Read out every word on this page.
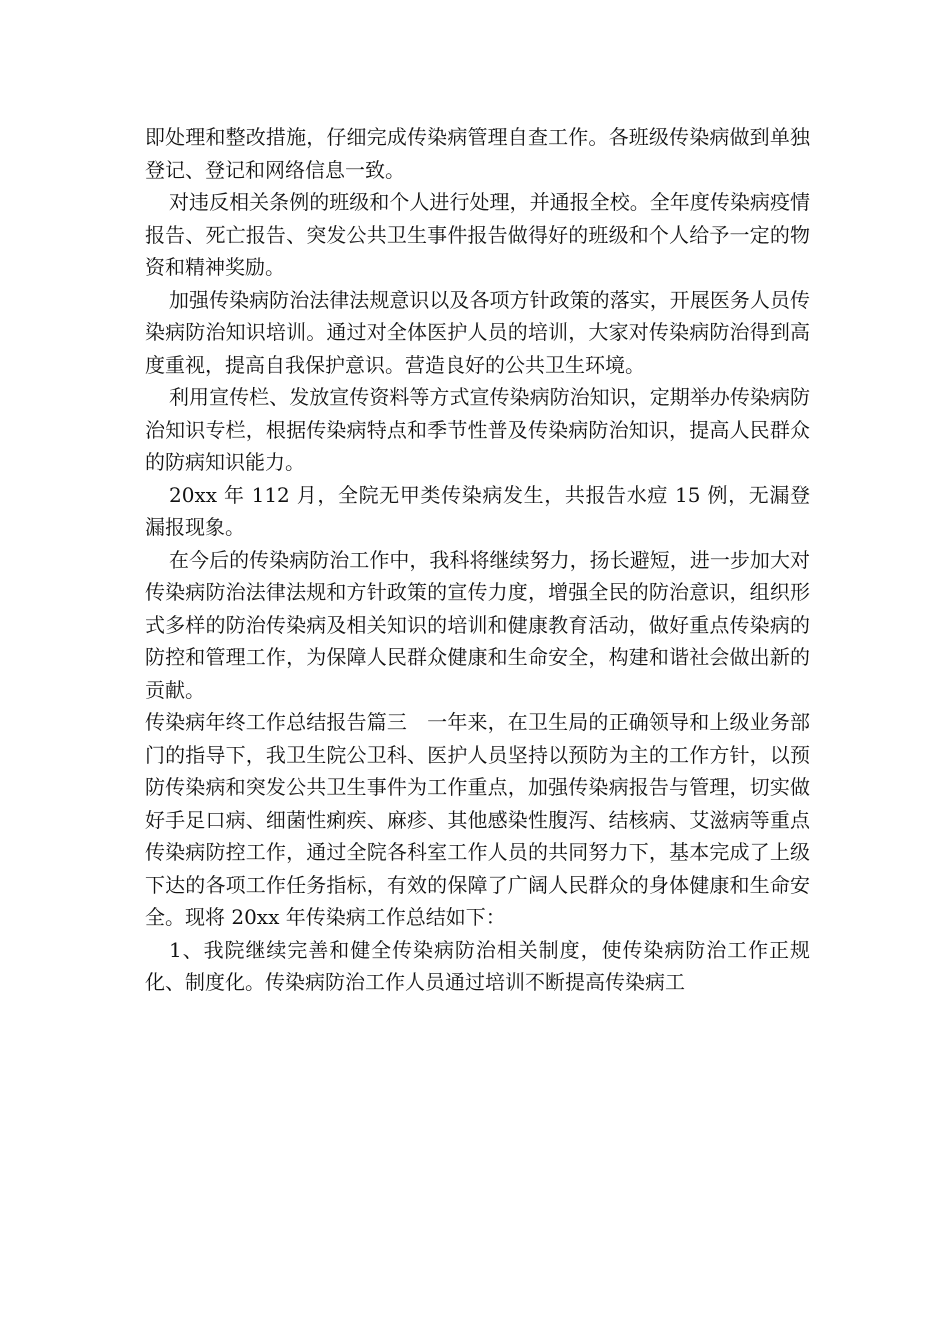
即处理和整改措施，仔细完成传染病管理自查工作。各班级传染病做到单独登记、登记和网络信息一致。

对违反相关条例的班级和个人进行处理，并通报全校。全年度传染病疫情报告、死亡报告、突发公共卫生事件报告做得好的班级和个人给予一定的物资和精神奖励。

加强传染病防治法律法规意识以及各项方针政策的落实，开展医务人员传染病防治知识培训。通过对全体医护人员的培训，大家对传染病防治得到高度重视，提高自我保护意识。营造良好的公共卫生环境。

利用宣传栏、发放宣传资料等方式宣传染病防治知识，定期举办传染病防治知识专栏，根据传染病特点和季节性普及传染病防治知识，提高人民群众的防病知识能力。

20xx 年 112 月，全院无甲类传染病发生，共报告水痘 15 例，无漏登漏报现象。

在今后的传染病防治工作中，我科将继续努力，扬长避短，进一步加大对传染病防治法律法规和方针政策的宣传力度，增强全民的防治意识，组织形式多样的防治传染病及相关知识的培训和健康教育活动，做好重点传染病的防控和管理工作，为保障人民群众健康和生命安全，构建和谐社会做出新的贡献。

传染病年终工作总结报告篇三　一年来，在卫生局的正确领导和上级业务部门的指导下，我卫生院公卫科、医护人员坚持以预防为主的工作方针，以预防传染病和突发公共卫生事件为工作重点，加强传染病报告与管理，切实做好手足口病、细菌性痢疾、麻疹、其他感染性腹泻、结核病、艾滋病等重点传染病防控工作，通过全院各科室工作人员的共同努力下，基本完成了上级下达的各项工作任务指标，有效的保障了广阔人民群众的身体健康和生命安全。现将 20xx 年传染病工作总结如下：

1、我院继续完善和健全传染病防治相关制度，使传染病防治工作正规化、制度化。传染病防治工作人员通过培训不断提高传染病工
